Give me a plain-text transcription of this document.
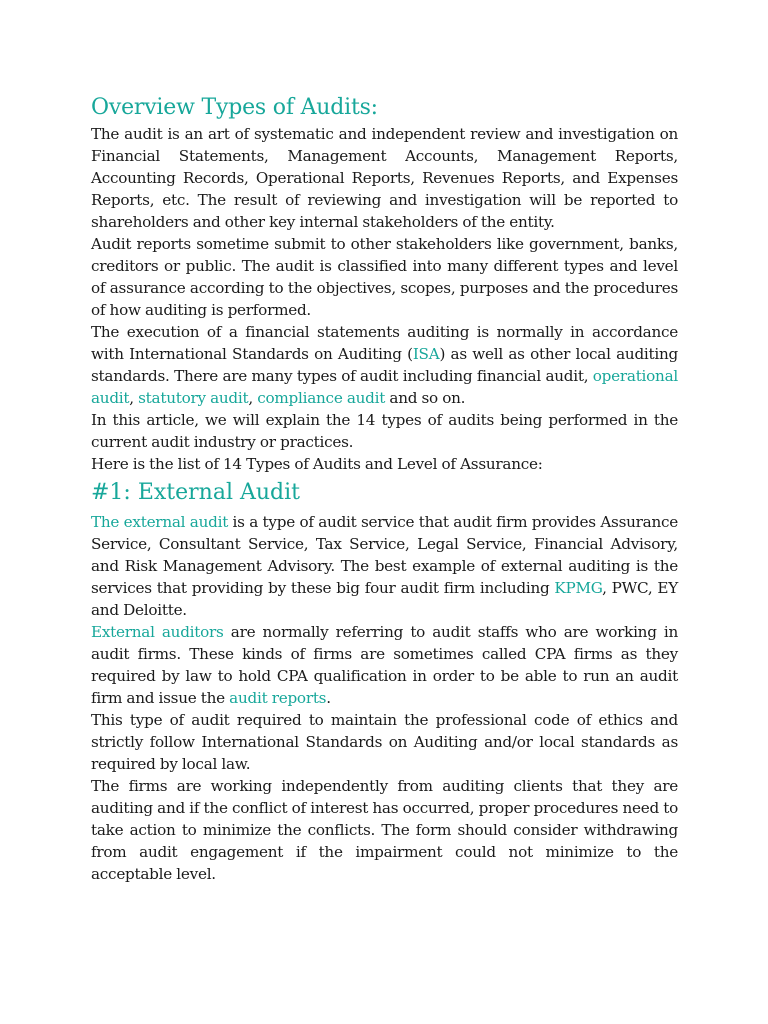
Overview Types of Audits:

The audit is an art of systematic and independent review and investigation on Financial Statements, Management Accounts, Management Reports, Accounting Records, Operational Reports, Revenues Reports, and Expenses Reports, etc. The result of reviewing and investigation will be reported to shareholders and other key internal stakeholders of the entity.

Audit reports sometime submit to other stakeholders like government, banks, creditors or public. The audit is classified into many different types and level of assurance according to the objectives, scopes, purposes and the procedures of how auditing is performed.

The execution of a financial statements auditing is normally in accordance with International Standards on Auditing (ISA) as well as other local auditing standards. There are many types of audit including financial audit, operational audit, statutory audit, compliance audit and so on.

In this article, we will explain the 14 types of audits being performed in the current audit industry or practices.

Here is the list of 14 Types of Audits and Level of Assurance:

#1: External Audit

The external audit is a type of audit service that audit firm provides Assurance Service, Consultant Service, Tax Service, Legal Service, Financial Advisory, and Risk Management Advisory. The best example of external auditing is the services that providing by these big four audit firm including KPMG, PWC, EY and Deloitte.

External auditors are normally referring to audit staffs who are working in audit firms. These kinds of firms are sometimes called CPA firms as they required by law to hold CPA qualification in order to be able to run an audit firm and issue the audit reports.

This type of audit required to maintain the professional code of ethics and strictly follow International Standards on Auditing and/or local standards as required by local law.

The firms are working independently from auditing clients that they are auditing and if the conflict of interest has occurred, proper procedures need to take action to minimize the conflicts. The form should consider withdrawing from audit engagement if the impairment could not minimize to the acceptable level.
